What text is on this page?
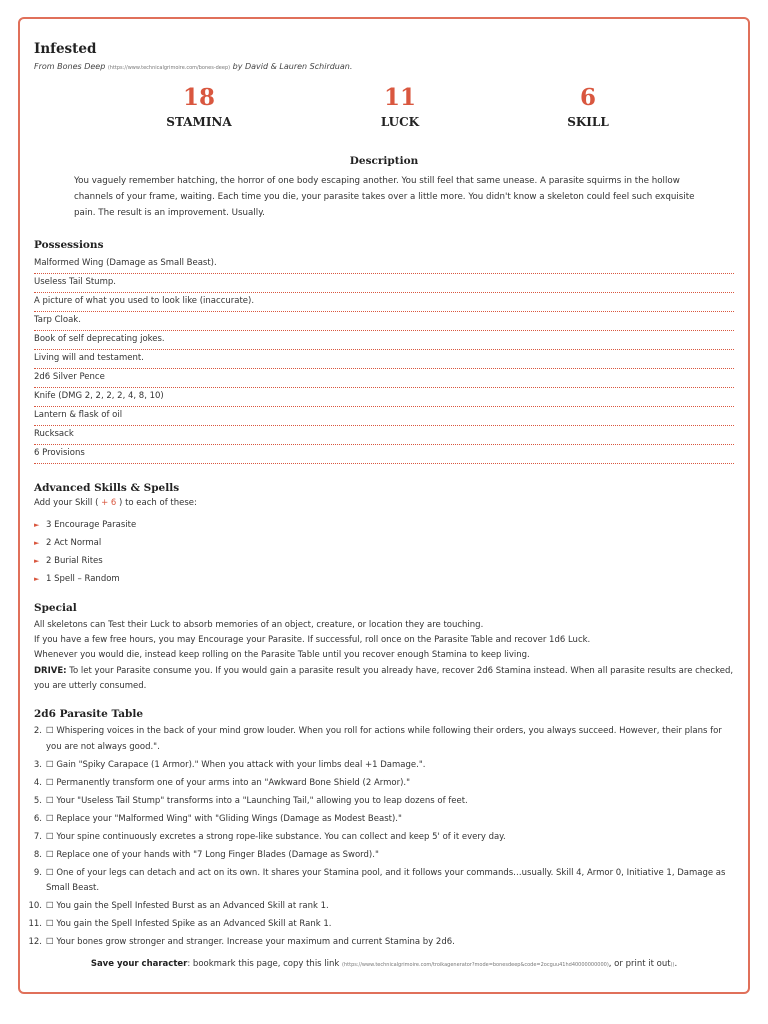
Infested
From Bones Deep (https://www.technicalgrimoire.com/bones-deep) by David & Lauren Schirduan.
18
STAMINA
11
LUCK
6
SKILL
Description
You vaguely remember hatching, the horror of one body escaping another. You still feel that same unease. A parasite squirms in the hollow channels of your frame, waiting. Each time you die, your parasite takes over a little more. You didn't know a skeleton could feel such exquisite pain. The result is an improvement. Usually.
Possessions
Malformed Wing (Damage as Small Beast).
Useless Tail Stump.
A picture of what you used to look like (inaccurate).
Tarp Cloak.
Book of self deprecating jokes.
Living will and testament.
2d6 Silver Pence
Knife (DMG 2, 2, 2, 2, 4, 8, 10)
Lantern & flask of oil
Rucksack
6 Provisions
Advanced Skills & Spells
Add your Skill ( + 6 ) to each of these:
► 3 Encourage Parasite
► 2 Act Normal
► 2 Burial Rites
► 1 Spell – Random
Special

All skeletons can Test their Luck to absorb memories of an object, creature, or location they are touching.

If you have a few free hours, you may Encourage your Parasite. If successful, roll once on the Parasite Table and recover 1d6 Luck.

Whenever you would die, instead keep rolling on the Parasite Table until you recover enough Stamina to keep living.

DRIVE: To let your Parasite consume you. If you would gain a parasite result you already have, recover 2d6 Stamina instead. When all parasite results are checked, you are utterly consumed.

2d6 Parasite Table
2. ☐ Whispering voices in the back of your mind grow louder. When you roll for actions while following their orders, you always succeed. However, their plans for you are not always good.".
3. ☐ Gain "Spiky Carapace (1 Armor)." When you attack with your limbs deal +1 Damage.".
4. ☐ Permanently transform one of your arms into an "Awkward Bone Shield (2 Armor)."
5. ☐ Your "Useless Tail Stump" transforms into a "Launching Tail," allowing you to leap dozens of feet.
6. ☐ Replace your "Malformed Wing" with "Gliding Wings (Damage as Modest Beast)."
7. ☐ Your spine continuously excretes a strong rope-like substance. You can collect and keep 5' of it every day.
8. ☐ Replace one of your hands with "7 Long Finger Blades (Damage as Sword)."
9. ☐ One of your legs can detach and act on its own. It shares your Stamina pool, and it follows your commands…usually. Skill 4, Armor 0, Initiative 1, Damage as Small Beast.
10. ☐ You gain the Spell Infested Burst as an Advanced Skill at rank 1.
11. ☐ You gain the Spell Infested Spike as an Advanced Skill at Rank 1.
12. ☐ Your bones grow stronger and stranger. Increase your maximum and current Stamina by 2d6.
Save your character: bookmark this page, copy this link (https://www.technicalgrimoire.com/troikagenerator?mode=bonesdeep&code=2ocguu41hd40000000000), or print it out().
